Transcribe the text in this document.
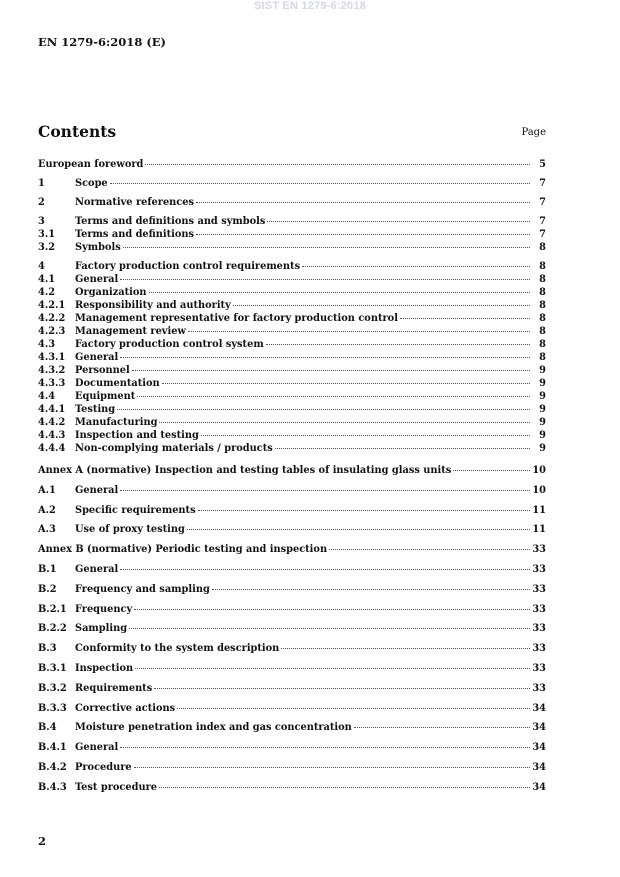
SIST EN 1279-6:2018
EN 1279-6:2018 (E)
Contents	Page
European foreword	5
1	Scope	7
2	Normative references	7
3	Terms and definitions and symbols	7
3.1	Terms and definitions	7
3.2	Symbols	8
4	Factory production control requirements	8
4.1	General	8
4.2	Organization	8
4.2.1 Responsibility and authority	8
4.2.2 Management representative for factory production control	8
4.2.3 Management review	8
4.3	Factory production control system	8
4.3.1 General	8
4.3.2 Personnel	9
4.3.3 Documentation	9
4.4	Equipment	9
4.4.1 Testing	9
4.4.2 Manufacturing	9
4.4.3 Inspection and testing	9
4.4.4 Non-complying materials / products	9
Annex A (normative) Inspection and testing tables of insulating glass units	10
A.1	General	10
A.2	Specific requirements	11
A.3	Use of proxy testing	11
Annex B (normative) Periodic testing and inspection	33
B.1	General	33
B.2	Frequency and sampling	33
B.2.1 Frequency	33
B.2.2 Sampling	33
B.3	Conformity to the system description	33
B.3.1 Inspection	33
B.3.2 Requirements	33
B.3.3 Corrective actions	34
B.4	Moisture penetration index and gas concentration	34
B.4.1 General	34
B.4.2 Procedure	34
B.4.3 Test procedure	34
2
